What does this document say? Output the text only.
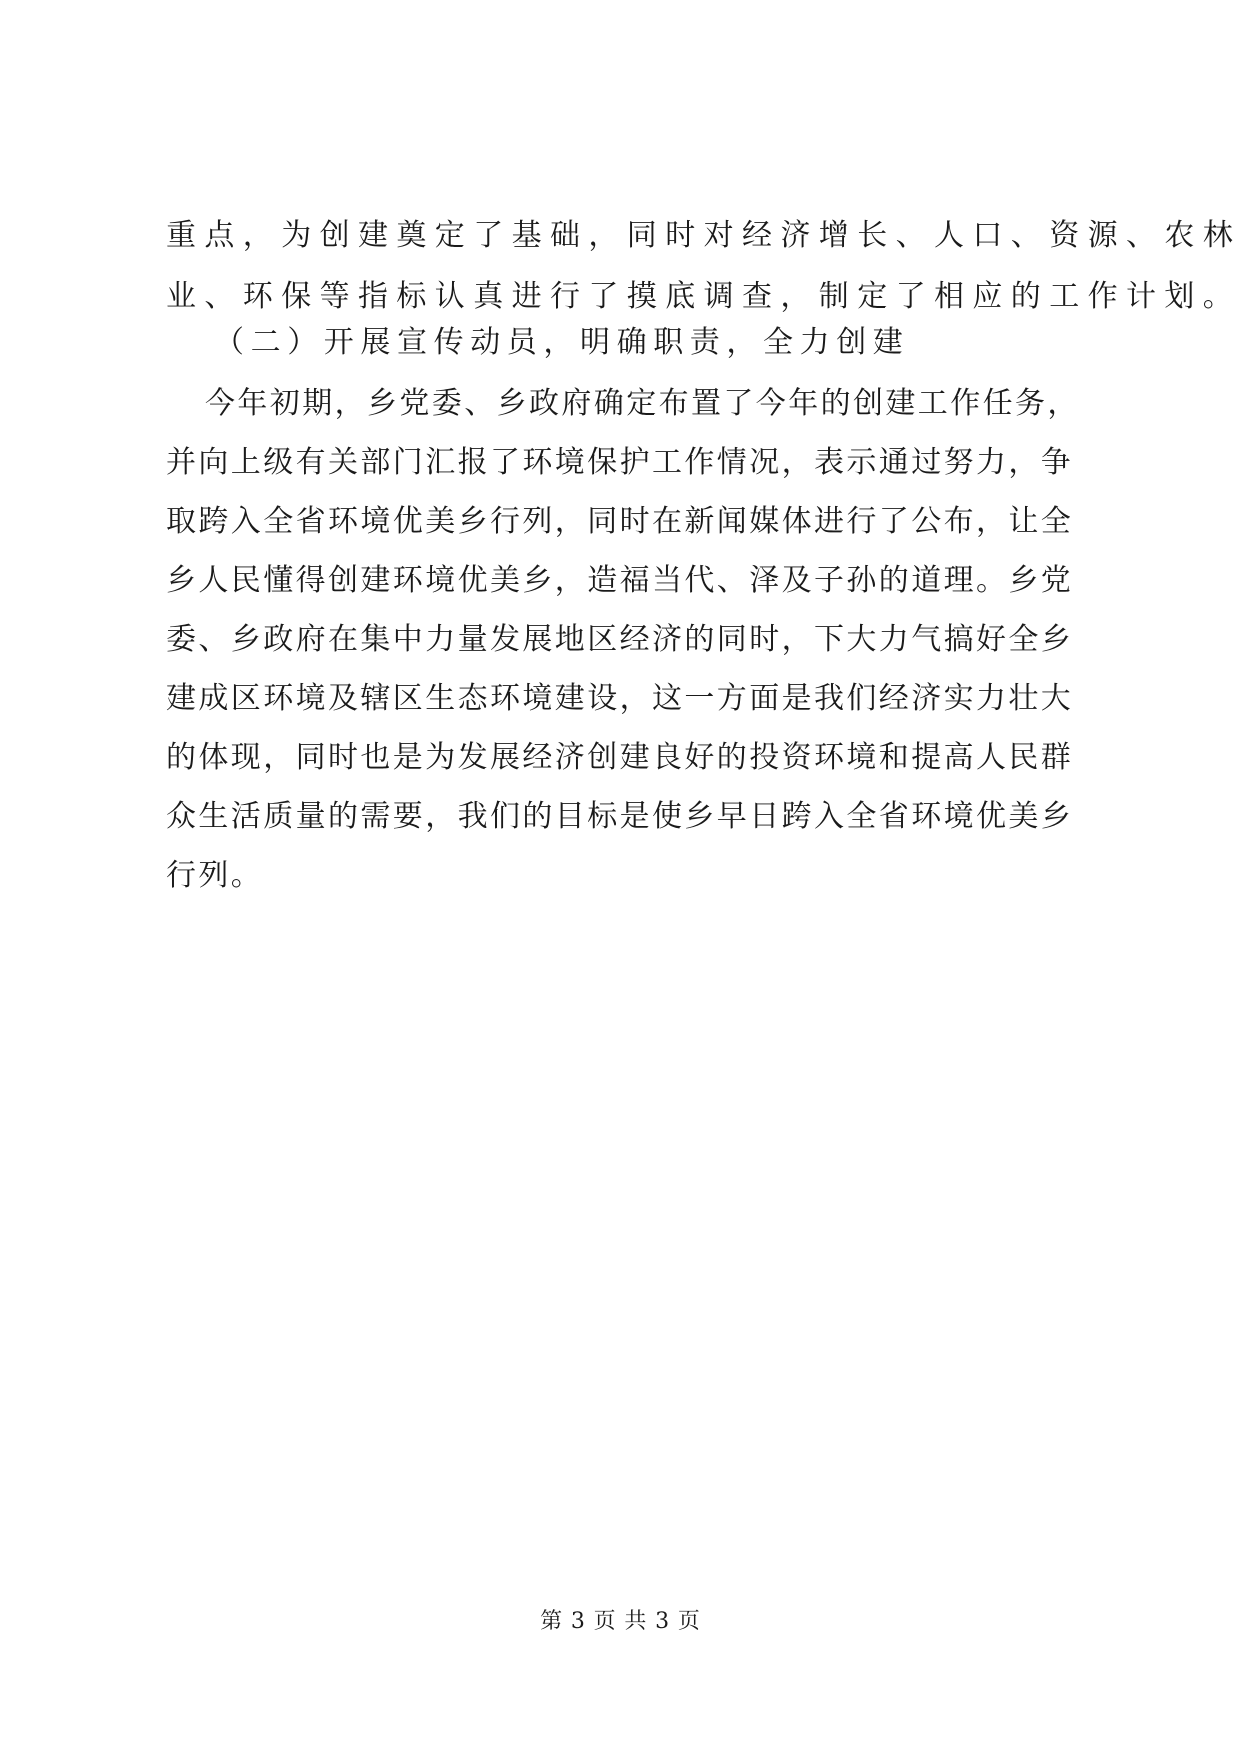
重点，为创建奠定了基础，同时对经济增长、人口、资源、农林
业、环保等指标认真进行了摸底调查，制定了相应的工作计划。
（二）开展宣传动员，明确职责，全力创建
今年初期，乡党委、乡政府确定布置了今年的创建工作任务，
并向上级有关部门汇报了环境保护工作情况，表示通过努力，争
取跨入全省环境优美乡行列，同时在新闻媒体进行了公布，让全
乡人民懂得创建环境优美乡，造福当代、泽及子孙的道理。乡党
委、乡政府在集中力量发展地区经济的同时，下大力气搞好全乡
建成区环境及辖区生态环境建设，这一方面是我们经济实力壮大
的体现，同时也是为发展经济创建良好的投资环境和提高人民群
众生活质量的需要，我们的目标是使乡早日跨入全省环境优美乡
行列。
第 3 页 共 3 页
